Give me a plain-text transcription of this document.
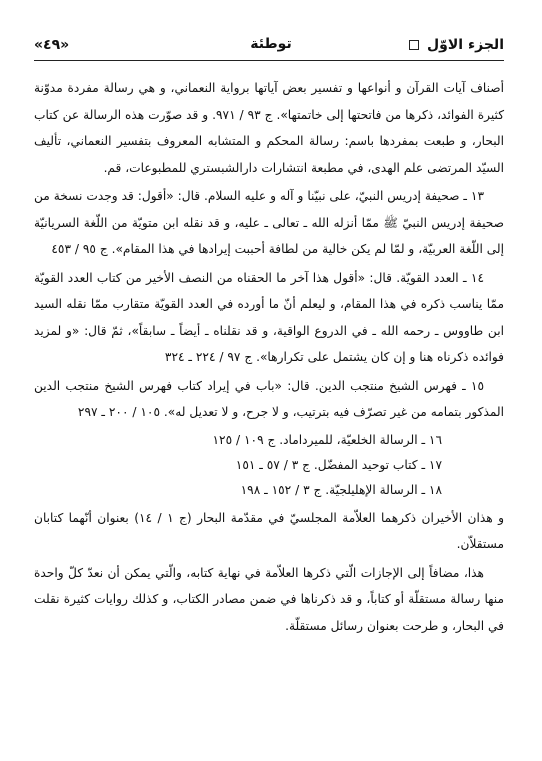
الجزء الاوّل
«٤٩»	توطئة

أصناف آيات القرآن و أنواعها و تفسير بعض آياتها برواية النعماني، و هي رسالة مفردة مدوّنة كثيرة الفوائد، ذكرها من فاتحتها إلى خاتمتها». ج ٩٣ / ٩٧١. و قد صوّرت هذه الرسالة عن كتاب البحار، و طبعت بمفردها باسم: رسالة المحكم و المتشابه المعروف بتفسير النعماني، تأليف السيّد المرتضى علم الهدى، في مطبعة انتشارات دارالشبستري للمطبوعات، قم.

١٣ ـ صحيفة إدريس النبيّ، على نبيّنا و آله و عليه السلام. قال: «أقول: قد وجدت نسخة من صحيفة إدريس النبيّ ﷺ ممّا أنزله الله ـ تعالى ـ عليه، و قد نقله ابن متويّة من اللّغة السريانيّة إلى اللّغة العربيّة، و لمّا لم يكن خالية من لطافة أحببت إيرادها في هذا المقام». ج ٩٥ / ٤٥٣

١٤ ـ العدد القويّة. قال: «أقول هذا آخر ما الحقناه من النصف الأخير من كتاب العدد القويّة ممّا يناسب ذكره في هذا المقام، و ليعلم أنّ ما أورده في العدد القويّة متقارب ممّا نقله السيد ابن طاووس ـ رحمه الله ـ في الدروع الواقية، و قد نقلناه ـ أيضاً ـ سابقاً»، ثمّ قال: «و لمزيد فوائده ذكرناه هنا و إن كان يشتمل على تكرارها». ج ٩٧ / ٢٢٤ ـ ٣٢٤

١٥ ـ فهرس الشيخ منتجب الدين. قال: «باب في إيراد كتاب فهرس الشيخ منتجب الدين المذكور بتمامه من غير تصرّف فيه بترتيب، و لا جرح، و لا تعديل له». ١٠٥ / ٢٠٠ ـ ٢٩٧

١٦ ـ الرسالة الخلعيّة، للميرداماد. ج ١٠٩ / ١٢٥
١٧ ـ كتاب توحيد المفضّل. ج ٣ / ٥٧ ـ ١٥١
١٨ ـ الرسالة الإهليلجيّة. ج ٣ / ١٥٢ ـ ١٩٨

و هذان الأخيران ذكرهما العلاّمة المجلسيّ في مقدّمة البحار (ج ١ / ١٤) بعنوان أنّهما كتابان مستقلاّن.

هذا، مضافاً إلى الإجازات الّتي ذكرها العلاّمة في نهاية كتابه، والّتي يمكن أن نعدّ كلّ واحدة منها رسالة مستقلّة أو كتاباً، و قد ذكرناها في ضمن مصادر الكتاب، و كذلك روايات كثيرة نقلت في البحار، و طرحت بعنوان رسائل مستقلّة.
